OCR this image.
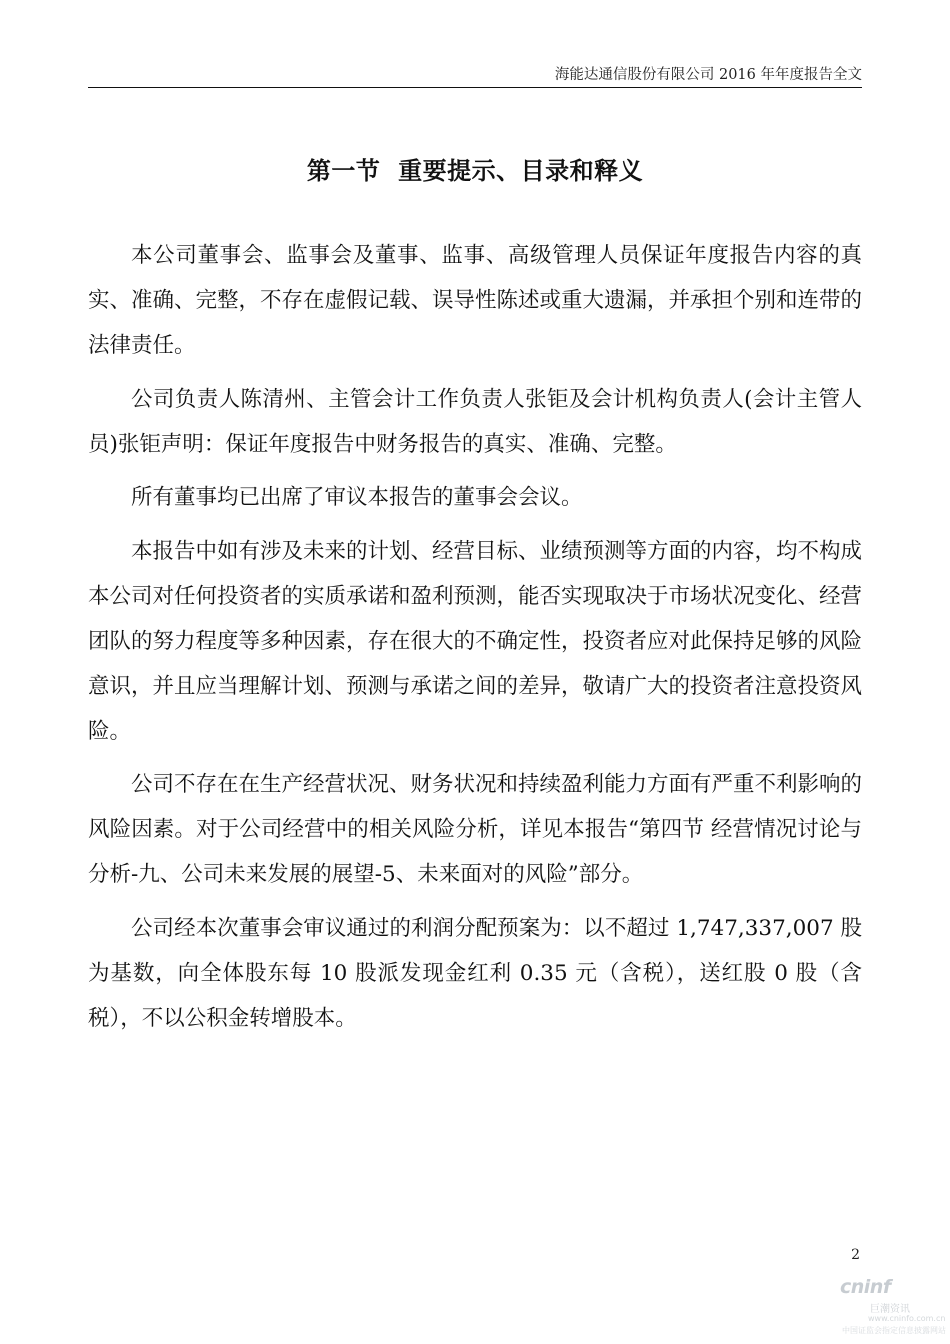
海能达通信股份有限公司 2016 年年度报告全文
第一节  重要提示、目录和释义

本公司董事会、监事会及董事、监事、高级管理人员保证年度报告内容的真实、准确、完整，不存在虚假记载、误导性陈述或重大遗漏，并承担个别和连带的法律责任。

公司负责人陈清州、主管会计工作负责人张钜及会计机构负责人(会计主管人员)张钜声明：保证年度报告中财务报告的真实、准确、完整。

所有董事均已出席了审议本报告的董事会会议。

本报告中如有涉及未来的计划、经营目标、业绩预测等方面的内容，均不构成本公司对任何投资者的实质承诺和盈利预测，能否实现取决于市场状况变化、经营团队的努力程度等多种因素，存在很大的不确定性，投资者应对此保持足够的风险意识，并且应当理解计划、预测与承诺之间的差异，敬请广大的投资者注意投资风险。

公司不存在在生产经营状况、财务状况和持续盈利能力方面有严重不利影响的风险因素。对于公司经营中的相关风险分析，详见本报告“第四节 经营情况讨论与分析-九、公司未来发展的展望-5、未来面对的风险”部分。

公司经本次董事会审议通过的利润分配预案为：以不超过 1,747,337,007 股为基数，向全体股东每 10 股派发现金红利 0.35 元（含税），送红股 0 股（含税），不以公积金转增股本。

2
cninf
巨潮资讯
www.cninfo.com.cn
中国证监会指定信息披露网站
